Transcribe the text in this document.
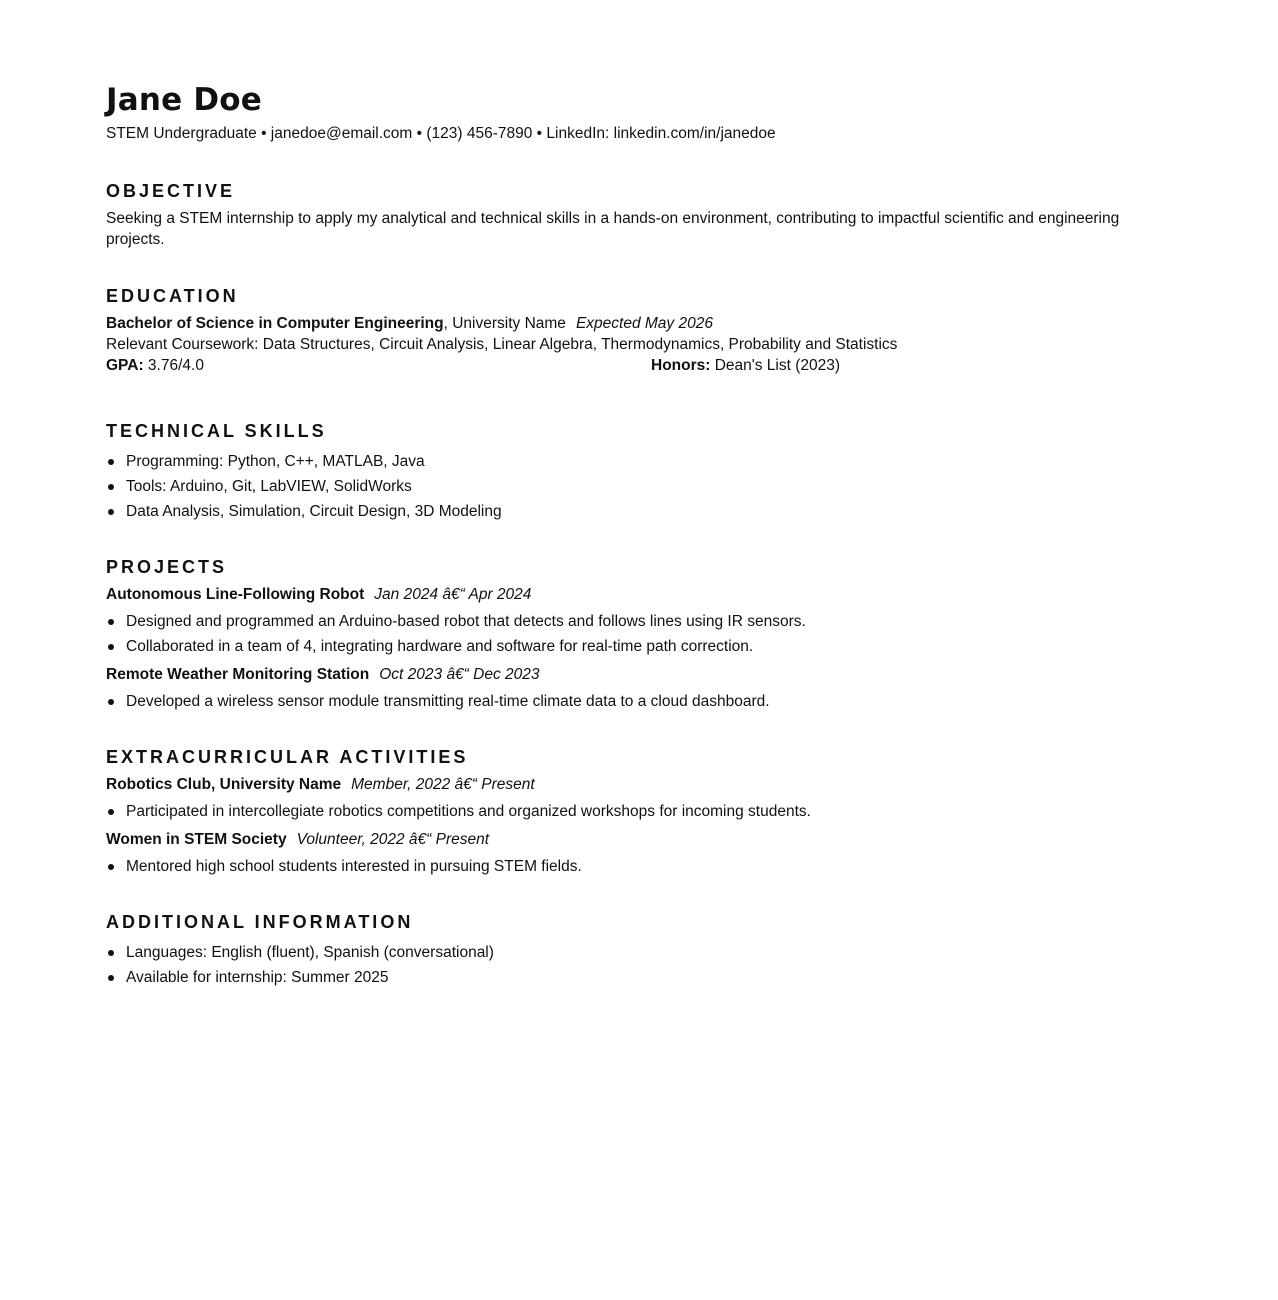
Jane Doe
STEM Undergraduate • janedoe@email.com • (123) 456-7890 • LinkedIn: linkedin.com/in/janedoe
OBJECTIVE
Seeking a STEM internship to apply my analytical and technical skills in a hands-on environment, contributing to impactful scientific and engineering projects.
EDUCATION
Bachelor of Science in Computer Engineering, University Name Expected May 2026
Relevant Coursework: Data Structures, Circuit Analysis, Linear Algebra, Thermodynamics, Probability and Statistics
GPA: 3.76/4.0	Honors: Dean's List (2023)
TECHNICAL SKILLS
Programming: Python, C++, MATLAB, Java
Tools: Arduino, Git, LabVIEW, SolidWorks
Data Analysis, Simulation, Circuit Design, 3D Modeling
PROJECTS
Autonomous Line-Following Robot Jan 2024 â€“ Apr 2024
Designed and programmed an Arduino-based robot that detects and follows lines using IR sensors.
Collaborated in a team of 4, integrating hardware and software for real-time path correction.
Remote Weather Monitoring Station Oct 2023 â€“ Dec 2023
Developed a wireless sensor module transmitting real-time climate data to a cloud dashboard.
EXTRACURRICULAR ACTIVITIES
Robotics Club, University Name Member, 2022 â€“ Present
Participated in intercollegiate robotics competitions and organized workshops for incoming students.
Women in STEM Society Volunteer, 2022 â€“ Present
Mentored high school students interested in pursuing STEM fields.
ADDITIONAL INFORMATION
Languages: English (fluent), Spanish (conversational)
Available for internship: Summer 2025
